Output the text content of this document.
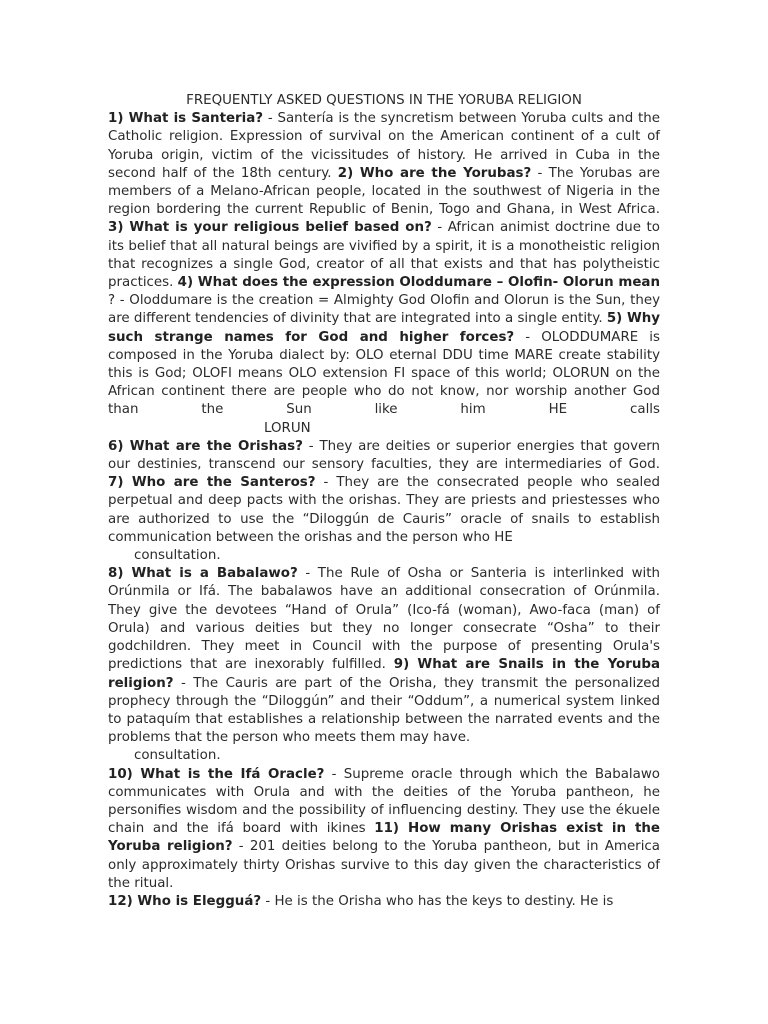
FREQUENTLY ASKED QUESTIONS IN THE YORUBA RELIGION

1) What is Santeria? - Santería is the syncretism between Yoruba cults and the Catholic religion. Expression of survival on the American continent of a cult of Yoruba origin, victim of the vicissitudes of history. He arrived in Cuba in the second half of the 18th century. 2) Who are the Yorubas? - The Yorubas are members of a Melano-African people, located in the southwest of Nigeria in the region bordering the current Republic of Benin, Togo and Ghana, in West Africa. 3) What is your religious belief based on? - African animist doctrine due to its belief that all natural beings are vivified by a spirit, it is a monotheistic religion that recognizes a single God, creator of all that exists and that has polytheistic practices. 4) What does the expression Oloddumare – Olofin- Olorun mean ? - Oloddumare is the creation = Almighty God Olofin and Olorun is the Sun, they are different tendencies of divinity that are integrated into a single entity. 5) Why such strange names for God and higher forces? - OLODDUMARE is composed in the Yoruba dialect by: OLO eternal DDU time MARE create stability this is God; OLOFI means OLO extension FI space of this world; OLORUN on the African continent there are people who do not know, nor worship another God than the Sun like him HE calls

LORUN

6) What are the Orishas? - They are deities or superior energies that govern our destinies, transcend our sensory faculties, they are intermediaries of God.

7) Who are the Santeros? - They are the consecrated people who sealed perpetual and deep pacts with the orishas. They are priests and priestesses who are authorized to use the “Diloggún de Cauris” oracle of snails to establish communication between the orishas and the person who HE

consultation.

8) What is a Babalawo? - The Rule of Osha or Santeria is interlinked with Orúnmila or Ifá. The babalawos have an additional consecration of Orúnmila. They give the devotees “Hand of Orula” (Ico-fá (woman), Awo-faca (man) of Orula) and various deities but they no longer consecrate “Osha” to their godchildren. They meet in Council with the purpose of presenting Orula's predictions that are inexorably fulfilled. 9) What are Snails in the Yoruba religion? - The Cauris are part of the Orisha, they transmit the personalized prophecy through the “Diloggún” and their “Oddum”, a numerical system linked to pataquím that establishes a relationship between the narrated events and the problems that the person who meets them may have.

consultation.

10) What is the Ifá Oracle? - Supreme oracle through which the Babalawo communicates with Orula and with the deities of the Yoruba pantheon, he personifies wisdom and the possibility of influencing destiny. They use the ékuele chain and the ifá board with ikines 11) How many Orishas exist in the Yoruba religion? - 201 deities belong to the Yoruba pantheon, but in America only approximately thirty Orishas survive to this day given the characteristics of the ritual.

12) Who is Elegguá? - He is the Orisha who has the keys to destiny. He is
